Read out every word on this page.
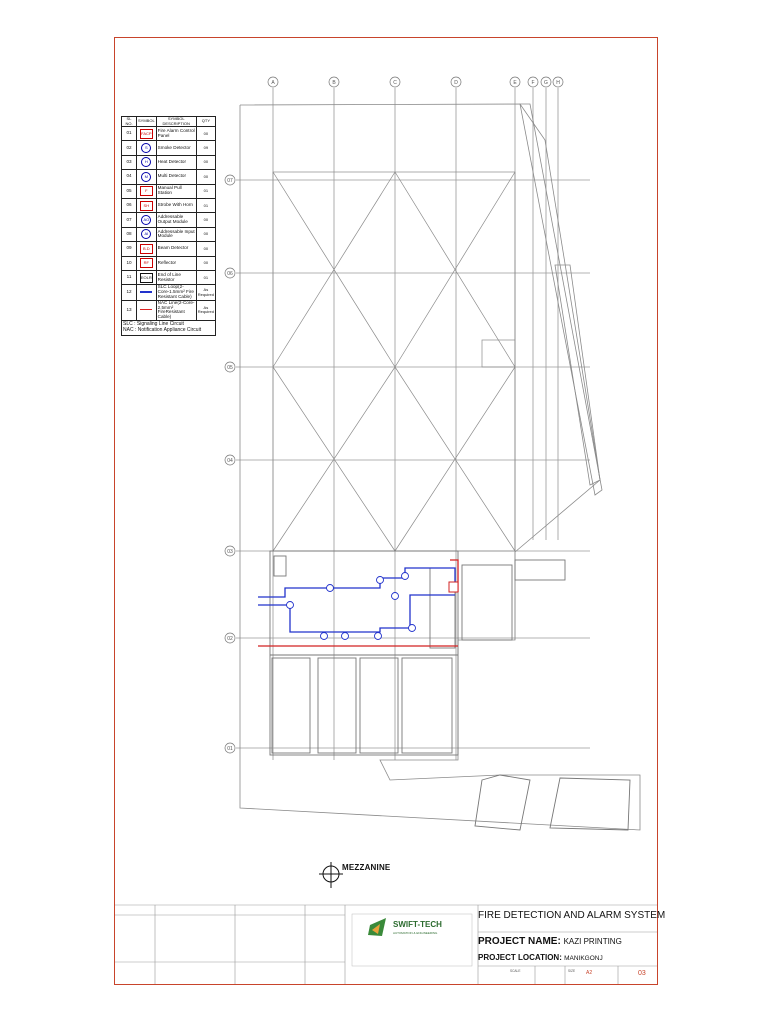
A	B	C	D	E	F G H
07
06
05
04
03
02
01
SL NO.	SYMBOL	SYMBOL DESCRIPTION	QTY
01	FACP	Fire Alarm Control Panel	00
02	S	Smoke Detector	09
03	H	Heat Detector	00
04	M	Multi Detector	00
05	F	Manual Pull Station	01
06	SH	Strobe With Horn	01
07	AO	Addressable Output Module	00
08	AI	Addressable Input Module	00
09	B.D	Beam Detector	00
10	RF	Reflector	00
11	EOLR	End of Line Resistor	01
12		SLC Loop(2-Core-1.5mm² Fire Resistant Cable)	As Required
13		NAC Line(2-Core-2.5mm² FireResistant Cable)	As Required
SLC : Signaling Line Circuit
NAC : Notification Appliance Circuit			
MEZZANINE
SWIFT-TECH
AUTOMATION & ENGINEERING
FIRE DETECTION AND ALARM SYSTEM
PROJECT NAME: KAZI PRINTING
PROJECT LOCATION: MANIKGONJ
SCALE	SIZE A2	03
